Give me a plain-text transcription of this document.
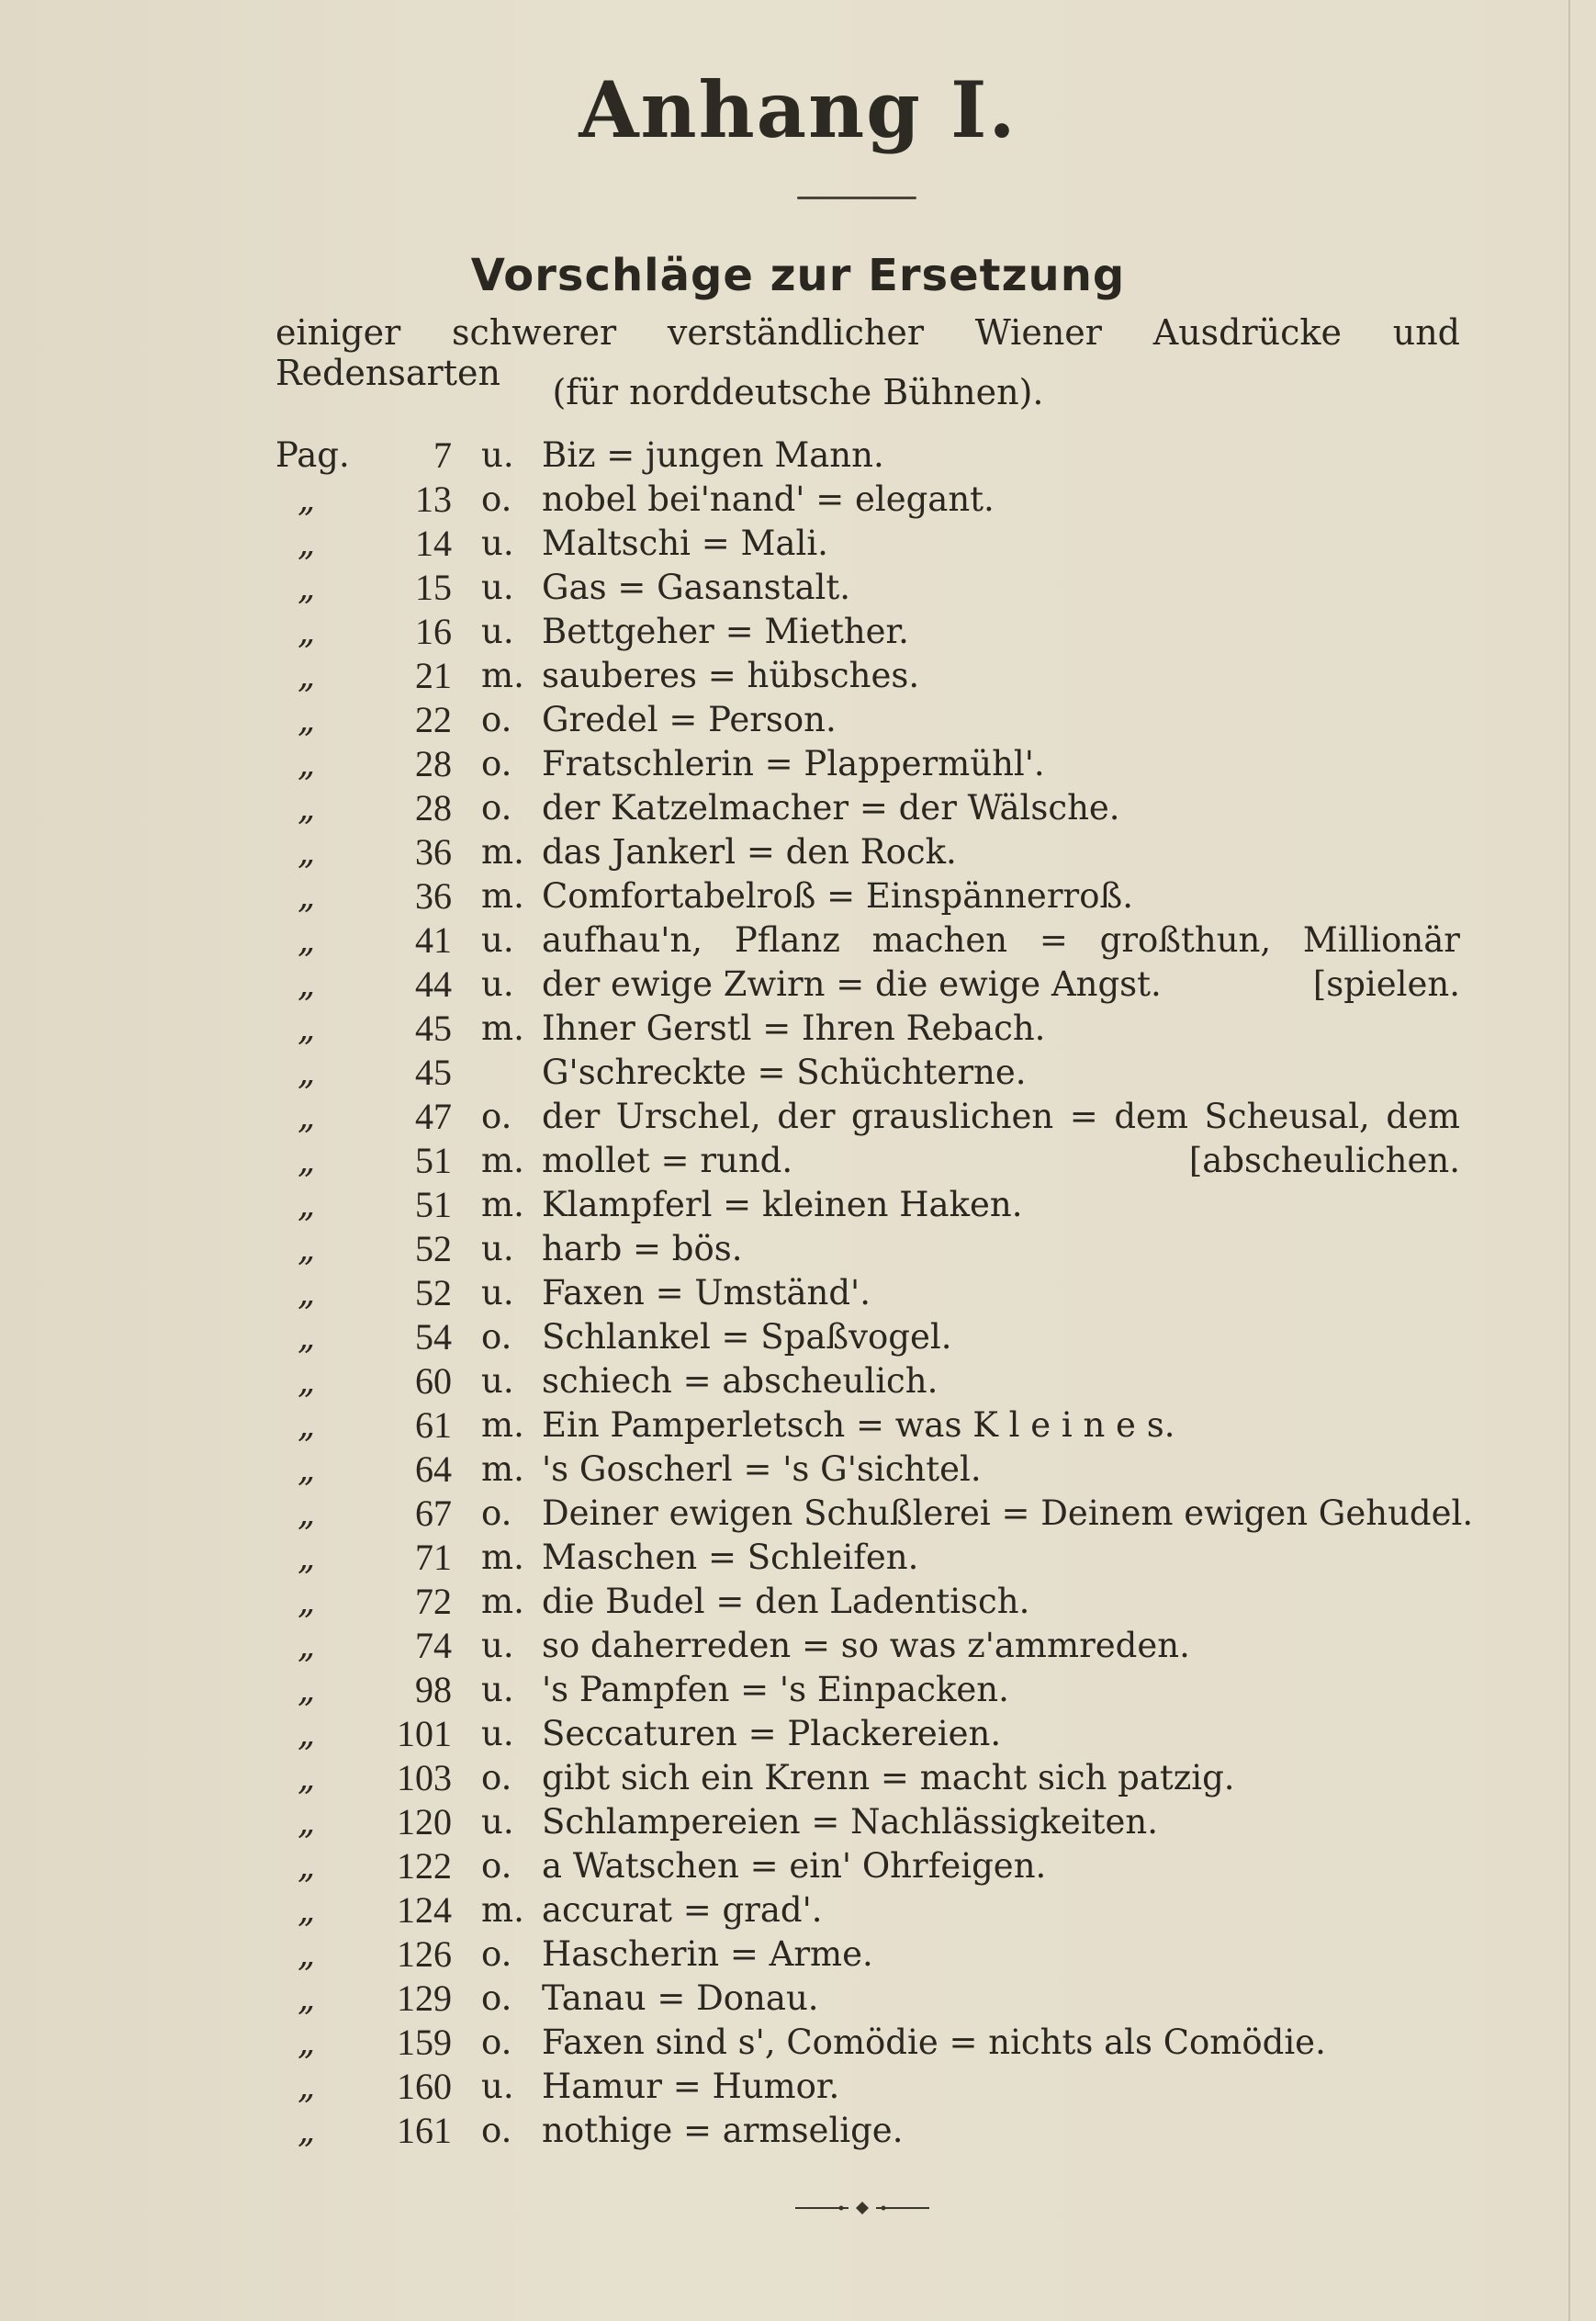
Anhang I.
Vorschläge zur Ersetzung
einiger schwerer verständlicher Wiener Ausdrücke und Redensarten	(für norddeutsche Bühnen).
Pag.	7 u. Biz = jungen Mann.
„	13 o. nobel bei'nand' = elegant.
„	14 u. Maltschi = Mali.
„	15 u. Gas = Gasanstalt.
„	16 u. Bettgeher = Miether.
„	21 m. sauberes = hübsches.
„	22 o. Gredel = Person.
„	28 o. Fratschlerin = Plappermühl'.
„	28 o. der Katzelmacher = der Wälsche.
„	36 m. das Jankerl = den Rock.
„	36 m. Comfortabelroß = Einspännerroß.
„	41 u. aufhau'n, Pflanz machen = großthun, Millionär
„	44 u. der ewige Zwirn = die ewige Angst.	[spielen.
„	45 m. Ihner Gerstl = Ihren Rebach.
„	45	G'schreckte = Schüchterne.
„	47 o. der Urschel, der grauslichen = dem Scheusal, dem
„	51 m. mollet = rund.	[abscheulichen.
„	51 m. Klampferl = kleinen Haken.
„	52 u. harb = bös.
„	52 u. Faxen = Umständ'.
„	54 o. Schlankel = Spaßvogel.
„	60 u. schiech = abscheulich.
„	61 m. Ein Pamperletsch = was K l e i n e s.
„	64 m. 's Goscherl = 's G'sichtel.
„	67 o. Deiner ewigen Schußlerei = Deinem ewigen Gehudel.
„	71 m. Maschen = Schleifen.
„	72 m. die Budel = den Ladentisch.
„	74 u. so daherreden = so was z'ammreden.
„	98 u. 's Pampfen = 's Einpacken.
„	101 u. Seccaturen = Plackereien.
„	103 o. gibt sich ein Krenn = macht sich patzig.
„	120 u. Schlampereien = Nachlässigkeiten.
„	122 o. a Watschen = ein' Ohrfeigen.
„	124 m. accurat = grad'.
„	126 o. Hascherin = Arme.
„	129 o. Tanau = Donau.
„	159 o. Faxen sind s', Comödie = nichts als Comödie.
„	160 u. Hamur = Humor.
„	161 o. nothige = armselige.
